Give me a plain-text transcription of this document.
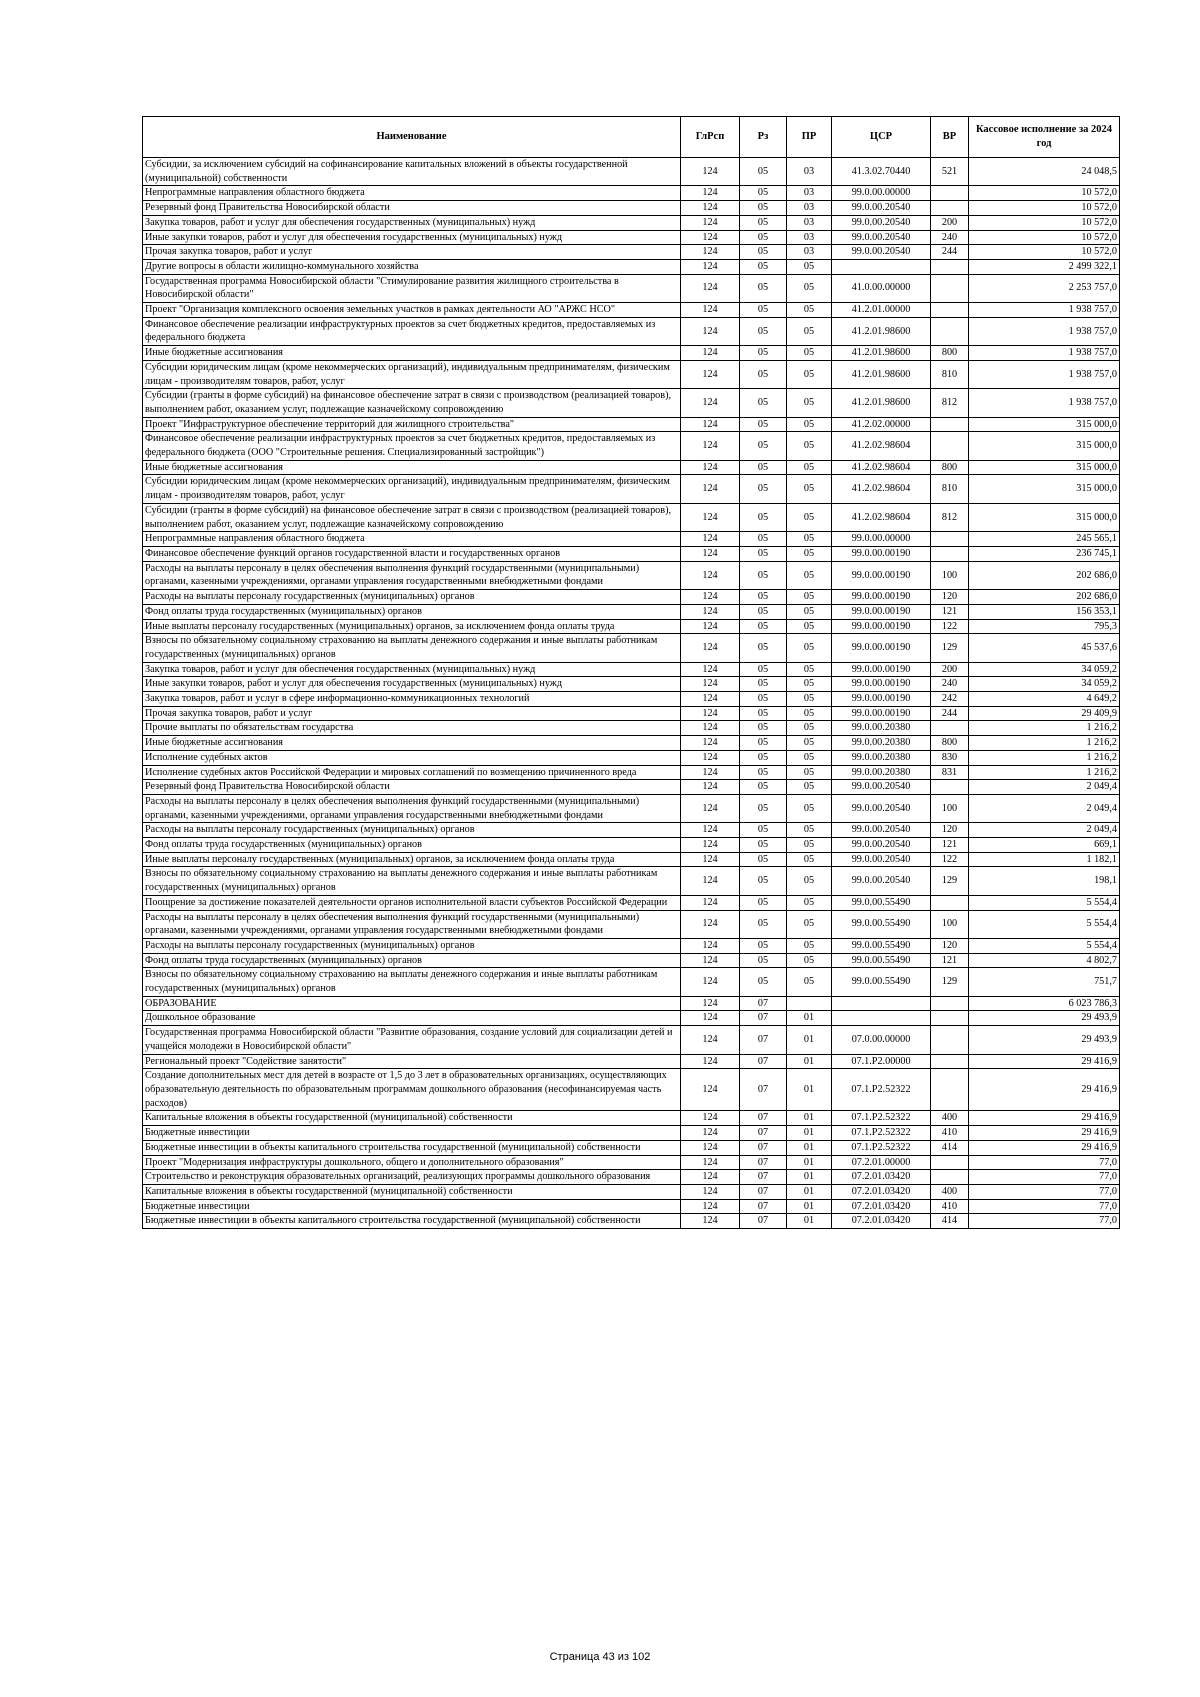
Наименование	ГлРсп	Рз	ПР	ЦСР	ВР	Кассовое исполнение за 2024 год
Субсидии, за исключением субсидий на софинансирование капитальных вложений в объекты государственной (муниципальной) собственности	124	05	03	41.3.02.70440	521	24 048,5
Непрограммные направления областного бюджета	124	05	03	99.0.00.00000		10 572,0
Резервный фонд Правительства Новосибирской области	124	05	03	99.0.00.20540		10 572,0
Закупка товаров, работ и услуг для обеспечения государственных (муниципальных) нужд	124	05	03	99.0.00.20540	200	10 572,0
Иные закупки товаров, работ и услуг для обеспечения государственных (муниципальных) нужд	124	05	03	99.0.00.20540	240	10 572,0
Прочая закупка товаров, работ и услуг	124	05	03	99.0.00.20540	244	10 572,0
Другие вопросы в области жилищно-коммунального хозяйства	124	05	05			2 499 322,1
Государственная программа Новосибирской области "Стимулирование развития жилищного строительства в Новосибирской области"	124	05	05	41.0.00.00000		2 253 757,0
Проект "Организация комплексного освоения земельных участков в рамках деятельности АО "АРЖС НСО"	124	05	05	41.2.01.00000		1 938 757,0
Финансовое обеспечение реализации инфраструктурных проектов за счет бюджетных кредитов, предоставляемых из федерального бюджета	124	05	05	41.2.01.98600		1 938 757,0
Иные бюджетные ассигнования	124	05	05	41.2.01.98600	800	1 938 757,0
Субсидии юридическим лицам (кроме некоммерческих организаций), индивидуальным предпринимателям, физическим лицам - производителям товаров, работ, услуг	124	05	05	41.2.01.98600	810	1 938 757,0
Субсидии (гранты в форме субсидий) на финансовое обеспечение затрат в связи с производством (реализацией товаров), выполнением работ, оказанием услуг, подлежащие казначейскому сопровождению	124	05	05	41.2.01.98600	812	1 938 757,0
Проект "Инфраструктурное обеспечение территорий для жилищного строительства"	124	05	05	41.2.02.00000		315 000,0
Финансовое обеспечение реализации инфраструктурных проектов за счет бюджетных кредитов, предоставляемых из федерального бюджета (ООО "Строительные решения. Специализированный застройщик")	124	05	05	41.2.02.98604		315 000,0
Иные бюджетные ассигнования	124	05	05	41.2.02.98604	800	315 000,0
Субсидии юридическим лицам (кроме некоммерческих организаций), индивидуальным предпринимателям, физическим лицам - производителям товаров, работ, услуг	124	05	05	41.2.02.98604	810	315 000,0
Субсидии (гранты в форме субсидий) на финансовое обеспечение затрат в связи с производством (реализацией товаров), выполнением работ, оказанием услуг, подлежащие казначейскому сопровождению	124	05	05	41.2.02.98604	812	315 000,0
Непрограммные направления областного бюджета	124	05	05	99.0.00.00000		245 565,1
Финансовое обеспечение функций органов государственной власти и государственных органов	124	05	05	99.0.00.00190		236 745,1
Расходы на выплаты персоналу в целях обеспечения выполнения функций государственными (муниципальными) органами, казенными учреждениями, органами управления государственными внебюджетными фондами	124	05	05	99.0.00.00190	100	202 686,0
Расходы на выплаты персоналу государственных (муниципальных) органов	124	05	05	99.0.00.00190	120	202 686,0
Фонд оплаты труда государственных (муниципальных) органов	124	05	05	99.0.00.00190	121	156 353,1
Иные выплаты персоналу государственных (муниципальных) органов, за исключением фонда оплаты труда	124	05	05	99.0.00.00190	122	795,3
Взносы по обязательному социальному страхованию на выплаты денежного содержания и иные выплаты работникам государственных (муниципальных) органов	124	05	05	99.0.00.00190	129	45 537,6
Закупка товаров, работ и услуг для обеспечения государственных (муниципальных) нужд	124	05	05	99.0.00.00190	200	34 059,2
Иные закупки товаров, работ и услуг для обеспечения государственных (муниципальных) нужд	124	05	05	99.0.00.00190	240	34 059,2
Закупка товаров, работ и услуг в сфере информационно-коммуникационных технологий	124	05	05	99.0.00.00190	242	4 649,2
Прочая закупка товаров, работ и услуг	124	05	05	99.0.00.00190	244	29 409,9
Прочие выплаты по обязательствам государства	124	05	05	99.0.00.20380		1 216,2
Иные бюджетные ассигнования	124	05	05	99.0.00.20380	800	1 216,2
Исполнение судебных актов	124	05	05	99.0.00.20380	830	1 216,2
Исполнение судебных актов Российской Федерации и мировых соглашений по возмещению причиненного вреда	124	05	05	99.0.00.20380	831	1 216,2
Резервный фонд Правительства Новосибирской области	124	05	05	99.0.00.20540		2 049,4
Расходы на выплаты персоналу в целях обеспечения выполнения функций государственными (муниципальными) органами, казенными учреждениями, органами управления государственными внебюджетными фондами	124	05	05	99.0.00.20540	100	2 049,4
Расходы на выплаты персоналу государственных (муниципальных) органов	124	05	05	99.0.00.20540	120	2 049,4
Фонд оплаты труда государственных (муниципальных) органов	124	05	05	99.0.00.20540	121	669,1
Иные выплаты персоналу государственных (муниципальных) органов, за исключением фонда оплаты труда	124	05	05	99.0.00.20540	122	1 182,1
Взносы по обязательному социальному страхованию на выплаты денежного содержания и иные выплаты работникам государственных (муниципальных) органов	124	05	05	99.0.00.20540	129	198,1
Поощрение за достижение показателей деятельности органов исполнительной власти субъектов Российской Федерации	124	05	05	99.0.00.55490		5 554,4
Расходы на выплаты персоналу в целях обеспечения выполнения функций государственными (муниципальными) органами, казенными учреждениями, органами управления государственными внебюджетными фондами	124	05	05	99.0.00.55490	100	5 554,4
Расходы на выплаты персоналу государственных (муниципальных) органов	124	05	05	99.0.00.55490	120	5 554,4
Фонд оплаты труда государственных (муниципальных) органов	124	05	05	99.0.00.55490	121	4 802,7
Взносы по обязательному социальному страхованию на выплаты денежного содержания и иные выплаты работникам государственных (муниципальных) органов	124	05	05	99.0.00.55490	129	751,7
ОБРАЗОВАНИЕ	124	07				6 023 786,3
Дошкольное образование	124	07	01			29 493,9
Государственная программа Новосибирской области "Развитие образования, создание условий для социализации детей и учащейся молодежи в Новосибирской области"	124	07	01	07.0.00.00000		29 493,9
Региональный проект "Содействие занятости"	124	07	01	07.1.P2.00000		29 416,9
Создание дополнительных мест для детей в возрасте от 1,5 до 3 лет в образовательных организациях, осуществляющих образовательную деятельность по образовательным программам дошкольного образования (несофинансируемая часть расходов)	124	07	01	07.1.P2.52322		29 416,9
Капитальные вложения в объекты государственной (муниципальной) собственности	124	07	01	07.1.P2.52322	400	29 416,9
Бюджетные инвестиции	124	07	01	07.1.P2.52322	410	29 416,9
Бюджетные инвестиции в объекты капитального строительства государственной (муниципальной) собственности	124	07	01	07.1.P2.52322	414	29 416,9
Проект "Модернизация инфраструктуры дошкольного, общего и дополнительного образования"	124	07	01	07.2.01.00000		77,0
Строительство и реконструкция образовательных организаций, реализующих программы дошкольного образования	124	07	01	07.2.01.03420		77,0
Капитальные вложения в объекты государственной (муниципальной) собственности	124	07	01	07.2.01.03420	400	77,0
Бюджетные инвестиции	124	07	01	07.2.01.03420	410	77,0
Бюджетные инвестиции в объекты капитального строительства государственной (муниципальной) собственности	124	07	01	07.2.01.03420	414	77,0
Страница 43 из 102
